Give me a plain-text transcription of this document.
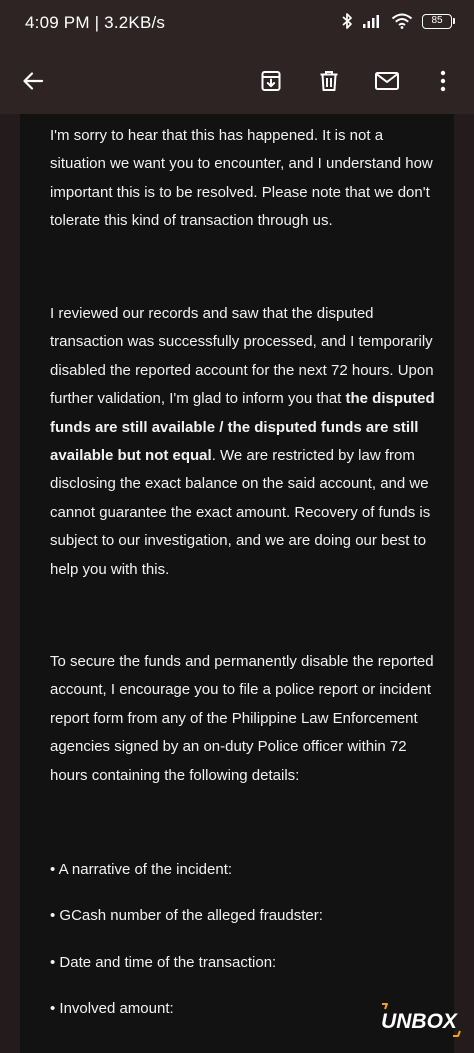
4:09 PM | 3.2KB/s	85

I'm sorry to hear that this has happened. It is not a situation we want you to encounter, and I understand how important this is to be resolved. Please note that we don't tolerate this kind of transaction through us.

I reviewed our records and saw that the disputed transaction was successfully processed, and I temporarily disabled the reported account for the next 72 hours. Upon further validation, I'm glad to inform you that the disputed funds are still available / the disputed funds are still available but not equal. We are restricted by law from disclosing the exact balance on the said account, and we cannot guarantee the exact amount. Recovery of funds is subject to our investigation, and we are doing our best to help you with this.

To secure the funds and permanently disable the reported account, I encourage you to file a police report or incident report form from any of the Philippine Law Enforcement agencies signed by an on-duty Police officer within 72 hours containing the following details:

• A narrative of the incident:

• GCash number of the alleged fraudster:

• Date and time of the transaction:

• Involved amount:

UNBOX
